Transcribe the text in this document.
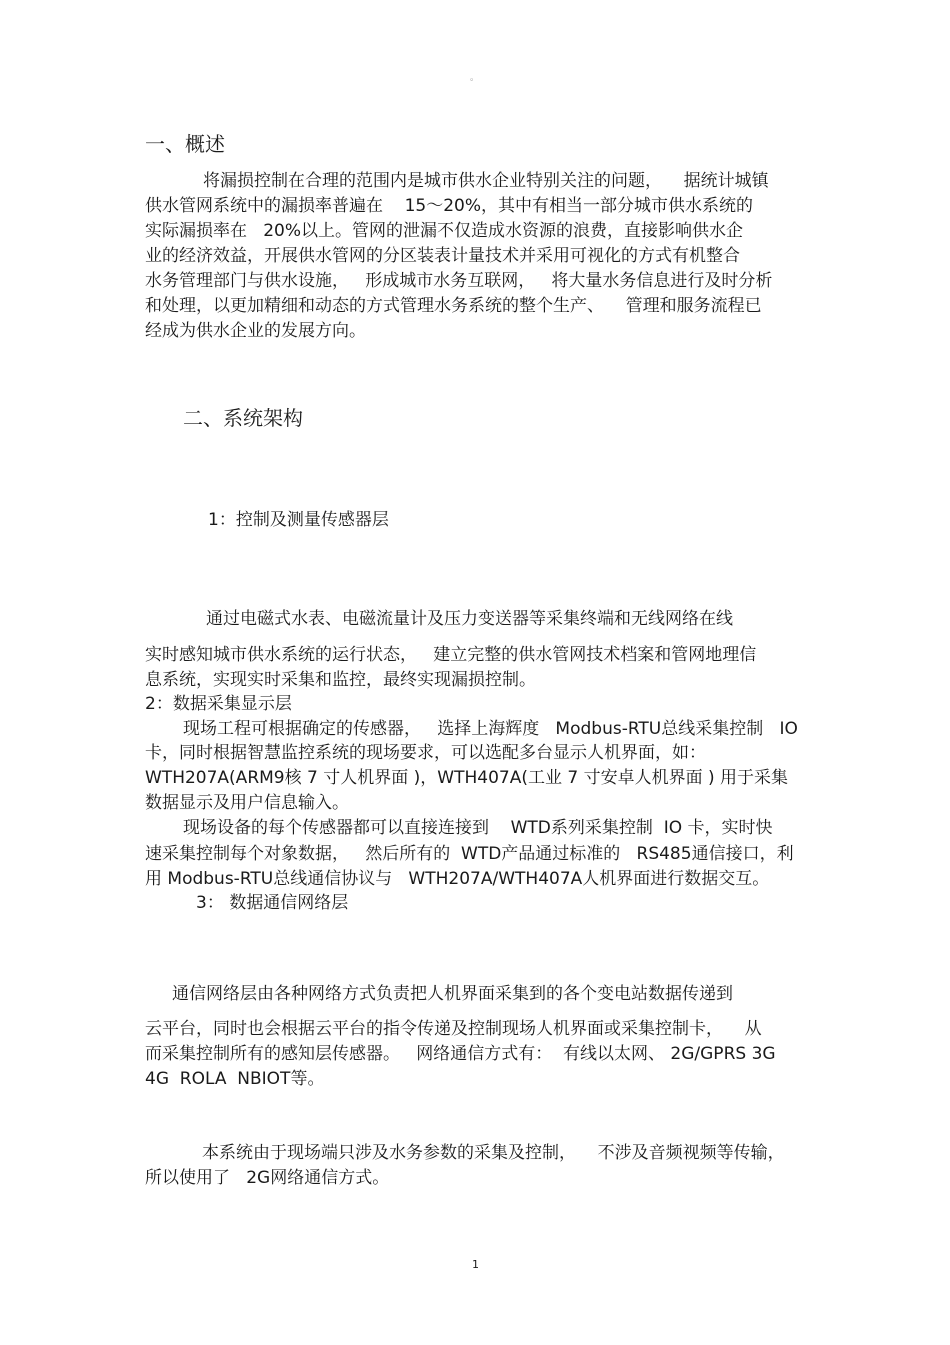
。
一、概述
将漏损控制在合理的范围内是城市供水企业特别关注的问题，    据统计城镇
供水管网系统中的漏损率普遍在    15～20%，其中有相当一部分城市供水系统的
实际漏损率在   20%以上。管网的泄漏不仅造成水资源的浪费，直接影响供水企
业的经济效益，开展供水管网的分区装表计量技术并采用可视化的方式有机整合
水务管理部门与供水设施，   形成城市水务互联网，   将大量水务信息进行及时分析
和处理，以更加精细和动态的方式管理水务系统的整个生产、    管理和服务流程已
经成为供水企业的发展方向。
二、系统架构
1：控制及测量传感器层
通过电磁式水表、电磁流量计及压力变送器等采集终端和无线网络在线
实时感知城市供水系统的运行状态，   建立完整的供水管网技术档案和管网地理信
息系统，实现实时采集和监控，最终实现漏损控制。
2：数据采集显示层
现场工程可根据确定的传感器，   选择上海辉度   Modbus-RTU总线采集控制   IO
卡，同时根据智慧监控系统的现场要求，可以选配多台显示人机界面，如：
WTH207A(ARM9核 7 寸人机界面 )，WTH407A(工业 7 寸安卓人机界面 ) 用于采集
数据显示及用户信息输入。
现场设备的每个传感器都可以直接连接到    WTD系列采集控制  IO 卡，实时快
速采集控制每个对象数据，   然后所有的  WTD产品通过标准的   RS485通信接口，利
用 Modbus-RTU总线通信协议与   WTH207A/WTH407A人机界面进行数据交互。
3： 数据通信网络层
通信网络层由各种网络方式负责把人机界面采集到的各个变电站数据传递到
云平台，同时也会根据云平台的指令传递及控制现场人机界面或采集控制卡，    从
而采集控制所有的感知层传感器。   网络通信方式有：  有线以太网、 2G/GPRS 3G
4G  ROLA  NBIOT等。
本系统由于现场端只涉及水务参数的采集及控制，    不涉及音频视频等传输，
所以使用了   2G网络通信方式。
1
